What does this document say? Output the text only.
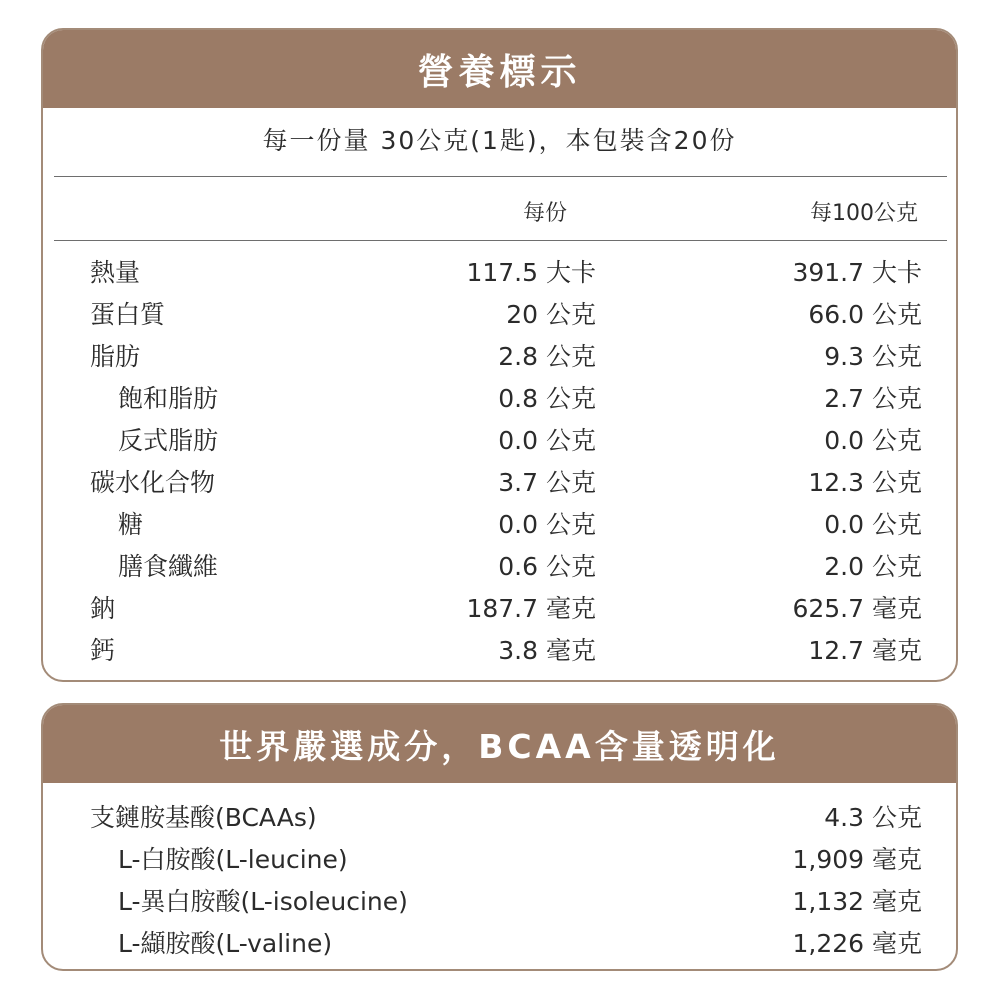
營養標示
每一份量 30公克(1匙)，本包裝含20份
每份	每100公克
熱量	117.5 大卡	391.7 大卡
蛋白質	20 公克	66.0 公克
脂肪	2.8 公克	9.3 公克
飽和脂肪	0.8 公克	2.7 公克
反式脂肪	0.0 公克	0.0 公克
碳水化合物	3.7 公克	12.3 公克
糖	0.0 公克	0.0 公克
膳食纖維	0.6 公克	2.0 公克
鈉	187.7 毫克	625.7 毫克
鈣	3.8 毫克	12.7 毫克
世界嚴選成分，BCAA含量透明化
支鏈胺基酸(BCAAs)	4.3 公克
L-白胺酸(L-leucine)	1,909 毫克
L-異白胺酸(L-isoleucine)	1,132 毫克
L-纈胺酸(L-valine)	1,226 毫克
